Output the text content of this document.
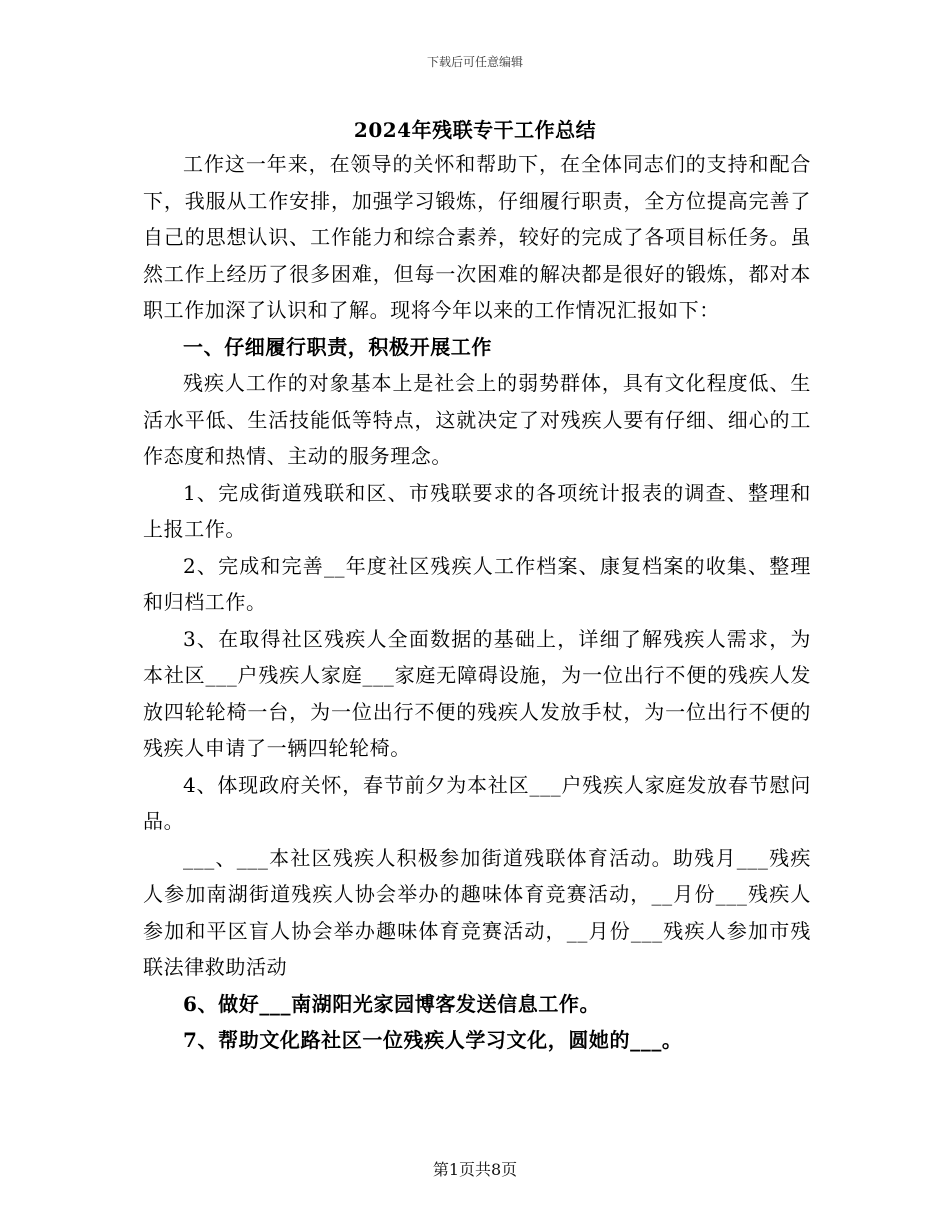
下载后可任意编辑
2024年残联专干工作总结

工作这一年来，在领导的关怀和帮助下，在全体同志们的支持和配合下，我服从工作安排，加强学习锻炼，仔细履行职责，全方位提高完善了自己的思想认识、工作能力和综合素养，较好的完成了各项目标任务。虽然工作上经历了很多困难，但每一次困难的解决都是很好的锻炼，都对本职工作加深了认识和了解。现将今年以来的工作情况汇报如下：

一、仔细履行职责，积极开展工作

残疾人工作的对象基本上是社会上的弱势群体，具有文化程度低、生活水平低、生活技能低等特点，这就决定了对残疾人要有仔细、细心的工作态度和热情、主动的服务理念。

1、完成街道残联和区、市残联要求的各项统计报表的调查、整理和上报工作。

2、完成和完善__年度社区残疾人工作档案、康复档案的收集、整理和归档工作。

3、在取得社区残疾人全面数据的基础上，详细了解残疾人需求，为本社区___户残疾人家庭___家庭无障碍设施，为一位出行不便的残疾人发放四轮轮椅一台，为一位出行不便的残疾人发放手杖，为一位出行不便的残疾人申请了一辆四轮轮椅。

4、体现政府关怀，春节前夕为本社区___户残疾人家庭发放春节慰问品。

___、___本社区残疾人积极参加街道残联体育活动。助残月___残疾人参加南湖街道残疾人协会举办的趣味体育竞赛活动，__月份___残疾人参加和平区盲人协会举办趣味体育竞赛活动，__月份___残疾人参加市残联法律救助活动

6、做好___南湖阳光家园博客发送信息工作。

7、帮助文化路社区一位残疾人学习文化，圆她的___。

第1页共8页
